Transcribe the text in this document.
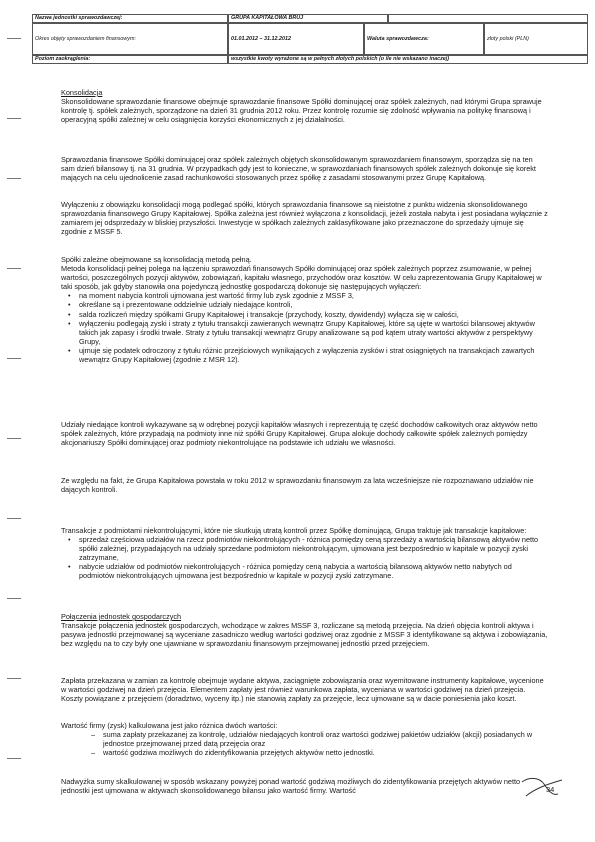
Nazwa jednostki sprawozdawczej:	GRUPA KAPITAŁOWA BRUJ
Okres objęty sprawozdaniem finansowym:	01.01.2012 – 31.12.2012	Waluta sprawozdawcza:	złoty polski (PLN)
Poziom zaokrąglenia:	wszystkie kwoty wyrażone są w pełnych złotych polskich (o ile nie wskazano inaczej)

Konsolidacja

Skonsolidowane sprawozdanie finansowe obejmuje sprawozdanie finansowe Spółki dominującej oraz spółek zależnych, nad którymi Grupa sprawuje kontrolę tj. spółek zależnych, sporządzone na dzień 31 grudnia 2012 roku. Przez kontrolę rozumie się zdolność wpływania na politykę finansową i operacyjną spółki zależnej w celu osiągnięcia korzyści ekonomicznych z jej działalności.

Sprawozdania finansowe Spółki dominującej oraz spółek zależnych objętych skonsolidowanym sprawozdaniem finansowym, sporządza się na ten sam dzień bilansowy tj. na 31 grudnia. W przypadkach gdy jest to konieczne, w sprawozdaniach finansowych spółek zależnych dokonuje się korekt mających na celu ujednolicenie zasad rachunkowości stosowanych przez spółkę z zasadami stosowanymi przez Grupę Kapitałową.

Wyłączeniu z obowiązku konsolidacji mogą podlegać spółki, których sprawozdania finansowe są nieistotne z punktu widzenia skonsolidowanego sprawozdania finansowego Grupy Kapitałowej. Spółka zależna jest również wyłączona z konsolidacji, jeżeli została nabyta i jest posiadana wyłącznie z zamiarem jej odsprzedaży w bliskiej przyszłości. Inwestycje w spółkach zależnych zaklasyfikowane jako przeznaczone do sprzedaży ujmuje się zgodnie z MSSF 5.

Spółki zależne obejmowane są konsolidacją metodą pełną.

Metoda konsolidacji pełnej polega na łączeniu sprawozdań finansowych Spółki dominującej oraz spółek zależnych poprzez zsumowanie, w pełnej wartości, poszczególnych pozycji aktywów, zobowiązań, kapitału własnego, przychodów oraz kosztów. W celu zaprezentowania Grupy Kapitałowej w taki sposób, jak gdyby stanowiła ona pojedynczą jednostkę gospodarczą dokonuje się następujących wyłączeń:

• na moment nabycia kontroli ujmowana jest wartość firmy lub zysk zgodnie z MSSF 3,
• określane są i prezentowane oddzielnie udziały niedające kontroli,
• salda rozliczeń między spółkami Grupy Kapitałowej i transakcje (przychody, koszty, dywidendy) wyłącza się w całości,
• wyłączeniu podlegają zyski i straty z tytułu transakcji zawieranych wewnątrz Grupy Kapitałowej, które są ujęte w wartości bilansowej aktywów takich jak zapasy i środki trwałe. Straty z tytułu transakcji wewnątrz Grupy analizowane są pod kątem utraty wartości aktywów z perspektywy Grupy,
• ujmuje się podatek odroczony z tytułu różnic przejściowych wynikających z wyłączenia zysków i strat osiągniętych na transakcjach zawartych wewnątrz Grupy Kapitałowej (zgodnie z MSR 12).

Udziały niedające kontroli wykazywane są w odrębnej pozycji kapitałów własnych i reprezentują tę część dochodów całkowitych oraz aktywów netto spółek zależnych, które przypadają na podmioty inne niż spółki Grupy Kapitałowej. Grupa alokuje dochody całkowite spółek zależnych pomiędzy akcjonariuszy Spółki dominującej oraz podmioty niekontrolujące na podstawie ich udziału we własności.

Ze względu na fakt, że Grupa Kapitałowa powstała w roku 2012 w sprawozdaniu finansowym za lata wcześniejsze nie rozpoznawano udziałów nie dających kontroli.

Transakcje z podmiotami niekontrolującymi, które nie skutkują utratą kontroli przez Spółkę dominującą, Grupa traktuje jak transakcje kapitałowe:

• sprzedaż częściowa udziałów na rzecz podmiotów niekontrolujących - różnica pomiędzy ceną sprzedaży a wartością bilansową aktywów netto spółki zależnej, przypadających na udziały sprzedane podmiotom niekontrolującym, ujmowana jest bezpośrednio w kapitale w pozycji zyski zatrzymane,
• nabycie udziałów od podmiotów niekontrolujących - różnica pomiędzy ceną nabycia a wartością bilansową aktywów netto nabytych od podmiotów niekontrolujących ujmowana jest bezpośrednio w kapitale w pozycji zyski zatrzymane.

Połączenia jednostek gospodarczych

Transakcje połączenia jednostek gospodarczych, wchodzące w zakres MSSF 3, rozliczane są metodą przejęcia. Na dzień objęcia kontroli aktywa i pasywa jednostki przejmowanej są wyceniane zasadniczo według wartości godziwej oraz zgodnie z MSSF 3 identyfikowane są aktywa i zobowiązania, bez względu na to czy były one ujawniane w sprawozdaniu finansowym przejmowanej jednostki przed przejęciem.

Zapłata przekazana w zamian za kontrolę obejmuje wydane aktywa, zaciągnięte zobowiązania oraz wyemitowane instrumenty kapitałowe, wycenione w wartości godziwej na dzień przejęcia. Elementem zapłaty jest również warunkowa zapłata, wyceniana w wartości godziwej na dzień przejęcia. Koszty powiązane z przejęciem (doradztwo, wyceny itp.) nie stanowią zapłaty za przejęcie, lecz ujmowane są w dacie poniesienia jako koszt.

Wartość firmy (zysk) kalkulowana jest jako różnica dwóch wartości:

– suma zapłaty przekazanej za kontrolę, udziałów niedających kontroli oraz wartości godziwej pakietów udziałów (akcji) posiadanych w jednostce przejmowanej przed datą przejęcia oraz
– wartość godziwa możliwych do zidentyfikowania przejętych aktywów netto jednostki.

Nadwyżka sumy skalkulowanej w sposób wskazany powyżej ponad wartość godziwą możliwych do zidentyfikowania przejętych aktywów netto jednostki jest ujmowana w aktywach skonsolidowanego bilansu jako wartość firmy. Wartość	34
